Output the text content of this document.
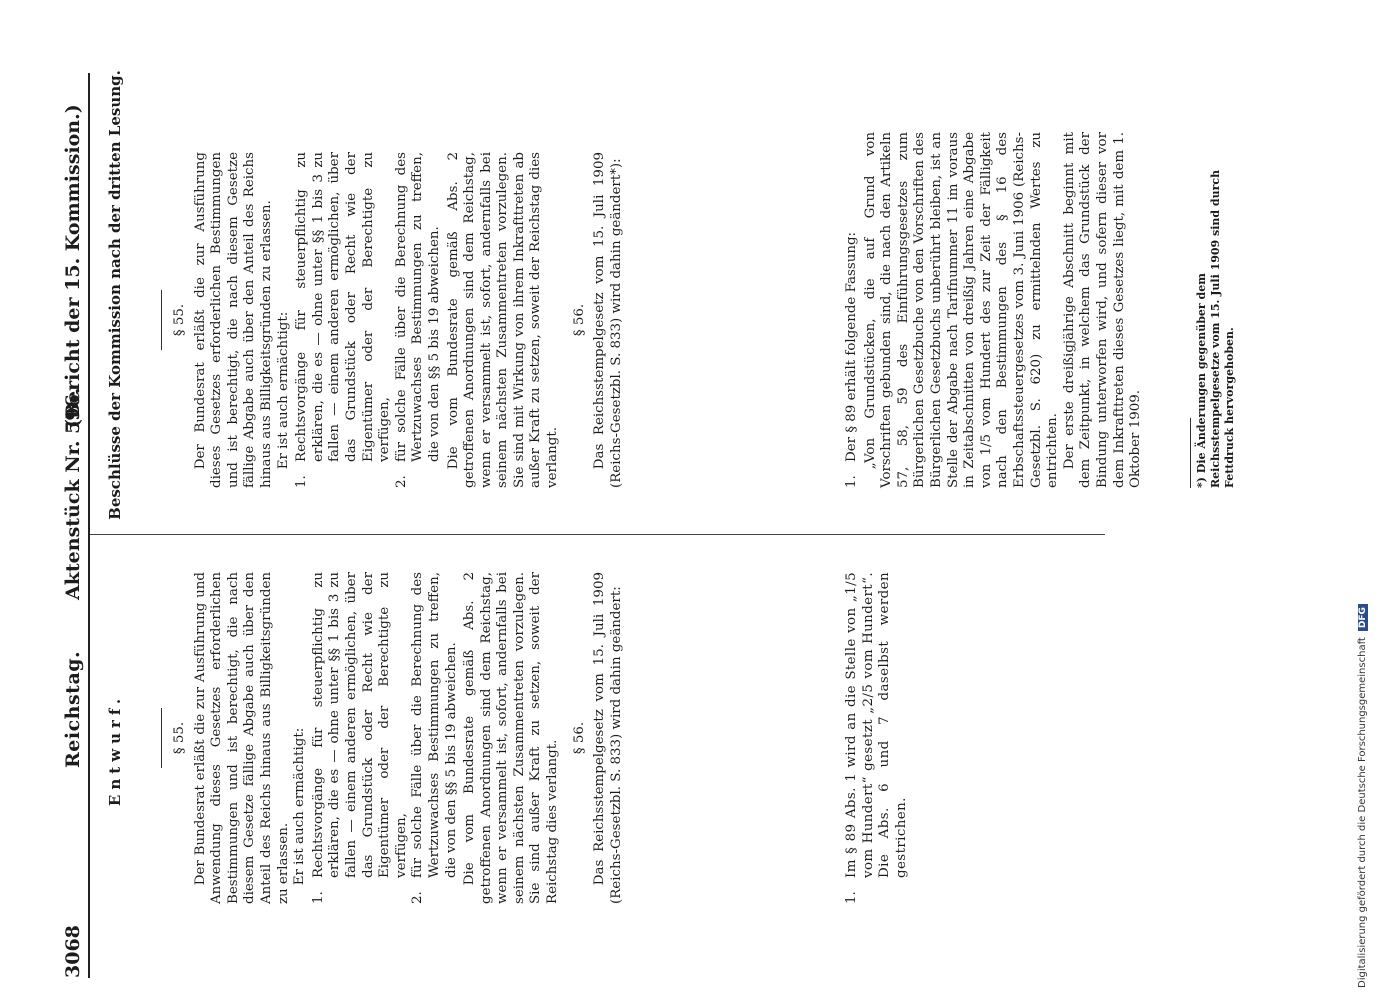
3068
Reichstag.
Aktenstück Nr. 596.
(Bericht der 15. Kommission.)
Entwurf.
Beschlüsse der Kommission nach der dritten Lesung.

§ 55. Der Bundesrat erläßt die zur Ausführung und Anwendung dieses Gesetzes erforderlichen Bestimmungen und ist berechtigt, die nach diesem Gesetze fällige Abgabe auch über den Anteil des Reichs hinaus aus Billigkeitsgründen zu erlassen. Er ist auch ermächtigt:

1.
Rechtsvorgänge für steuerpflichtig zu erklären, die es — ohne unter §§ 1 bis 3 zu fallen — einem anderen ermöglichen, über das Grundstück oder Recht wie der Eigentümer oder der Berechtigte zu verfügen,
2.
für solche Fälle über die Berechnung des Wertzuwachses Bestimmungen zu treffen, die von den §§ 5 bis 19 abweichen. Die vom Bundesrate gemäß Abs. 2 getroffenen Anordnungen sind dem Reichstag, wenn er versammelt ist, sofort, andernfalls bei seinem nächsten Zusammentreten vorzulegen. Sie sind außer Kraft zu setzen, soweit der Reichstag dies verlangt.

§ 56. Das Reichsstempelgesetz vom 15. Juli 1909 (Reichs-Gesetzbl. S. 833) wird dahin geändert:

§ 55. Der Bundesrat erläßt die zur Ausführung dieses Gesetzes erforderlichen Bestimmungen und ist berechtigt, die nach diesem Gesetze fällige Abgabe auch über den Anteil des Reichs hinaus aus Billigkeitsgründen zu erlassen. Er ist auch ermächtigt:

1.
Rechtsvorgänge für steuerpflichtig zu erklären, die es — ohne unter §§ 1 bis 3 zu fallen — einem anderen ermöglichen, über das Grundstück oder Recht wie der Eigentümer oder der Berechtigte zu verfügen,
2.
für solche Fälle über die Berechnung des Wertzuwachses Bestimmungen zu treffen, die von den §§ 5 bis 19 abweichen. Die vom Bundesrate gemäß Abs. 2 getroffenen Anordnungen sind dem Reichstag, wenn er versammelt ist, sofort, andernfalls bei seinem nächsten Zusammentreten vorzulegen. Sie sind mit Wirkung von ihrem Inkrafttreten ab außer Kraft zu setzen, soweit der Reichstag dies verlangt.

§ 56. Das Reichsstempelgesetz vom 15. Juli 1909 (Reichs-Gesetzbl. S. 833) wird dahin geändert*):

1.
Im § 89 Abs. 1 wird an die Stelle von „1/5 vom Hundert“ gesetzt „2/5 vom Hundert“. Die Abs. 6 und 7 daselbst werden gestrichen.
1.
Der § 89 erhält folgende Fassung: „Von Grundstücken, die auf Grund von Vorschriften gebunden sind, die nach den Artikeln 57, 58, 59 des Einführungsgesetzes zum Bürgerlichen Gesetzbuche von den Vorschriften des Bürgerlichen Gesetzbuchs unberührt bleiben, ist an Stelle der Abgabe nach Tarifnummer 11 im voraus in Zeitabschnitten von dreißig Jahren eine Abgabe von 1/5 vom Hundert des zur Zeit der Fälligkeit nach den Bestimmungen des § 16 des Erbschaftssteuergesetzes vom 3. Juni 1906 (Reichs-Gesetzbl. S. 620) zu ermittelnden Wertes zu entrichten. Der erste dreißigjährige Abschnitt beginnt mit dem Zeitpunkt, in welchem das Grundstück der Bindung unterworfen wird, und sofern dieser vor dem Inkrafttreten dieses Gesetzes liegt, mit dem 1. Oktober 1909.	*) Die Änderungen gegenüber dem Reichsstempelgesetze vom 15. Juli 1909 sind durch Fettdruck hervorgehoben.
Digitalisierung gefördert durch die Deutsche Forschungsgemeinschaft
DFG
